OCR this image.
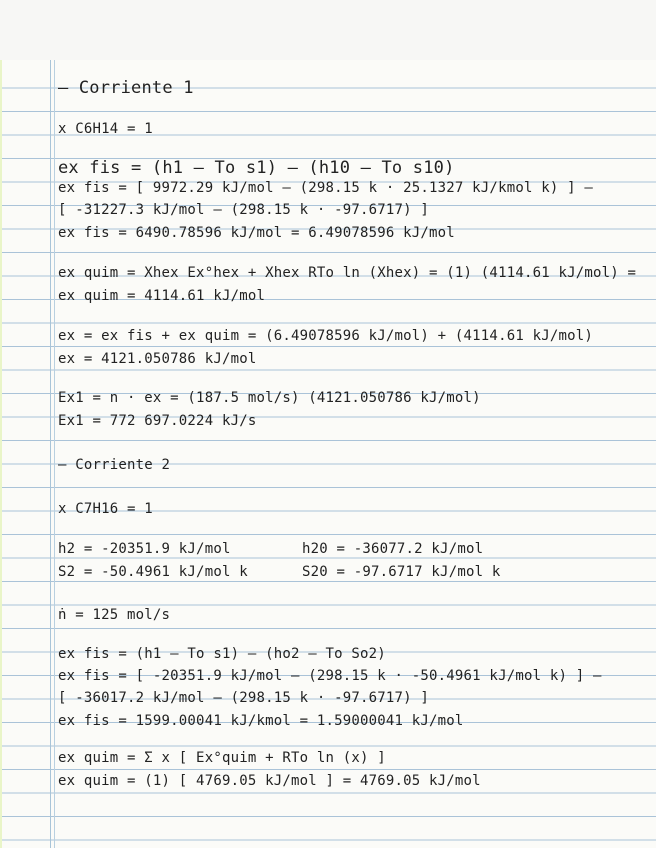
– Corriente 1
x C6H14 = 1
ex fis = (h1 – To s1) – (h10 – To s10)
ex fis = [ 9972.29 kJ/mol – (298.15 k · 25.1327 kJ/kmol k) ] –
[ -31227.3 kJ/mol – (298.15 k · -97.6717) ]
ex fis = 6490.78596 kJ/mol = 6.49078596 kJ/mol
ex quim = Xhex Ex°hex + Xhex RTo ln (Xhex) = (1) (4114.61 kJ/mol) =
ex quim = 4114.61 kJ/mol
ex = ex fis + ex quim = (6.49078596 kJ/mol) + (4114.61 kJ/mol)
ex = 4121.050786 kJ/mol
Ex1 = n · ex = (187.5 mol/s) (4121.050786 kJ/mol)
Ex1 = 772 697.0224 kJ/s
– Corriente 2
x C7H16 = 1
h2 = -20351.9 kJ/mol	h20 = -36077.2 kJ/mol
S2 = -50.4961 kJ/mol k	S20 = -97.6717 kJ/mol k
ṅ = 125 mol/s
ex fis = (h1 – To s1) – (ho2 – To So2)
ex fis = [ -20351.9 kJ/mol – (298.15 k · -50.4961 kJ/mol k) ] –
[ -36017.2 kJ/mol – (298.15 k · -97.6717) ]
ex fis = 1599.00041 kJ/kmol = 1.59000041 kJ/mol
ex quim = Σ x [ Ex°quim + RTo ln (x) ]
ex quim = (1) [ 4769.05 kJ/mol ] = 4769.05 kJ/mol
